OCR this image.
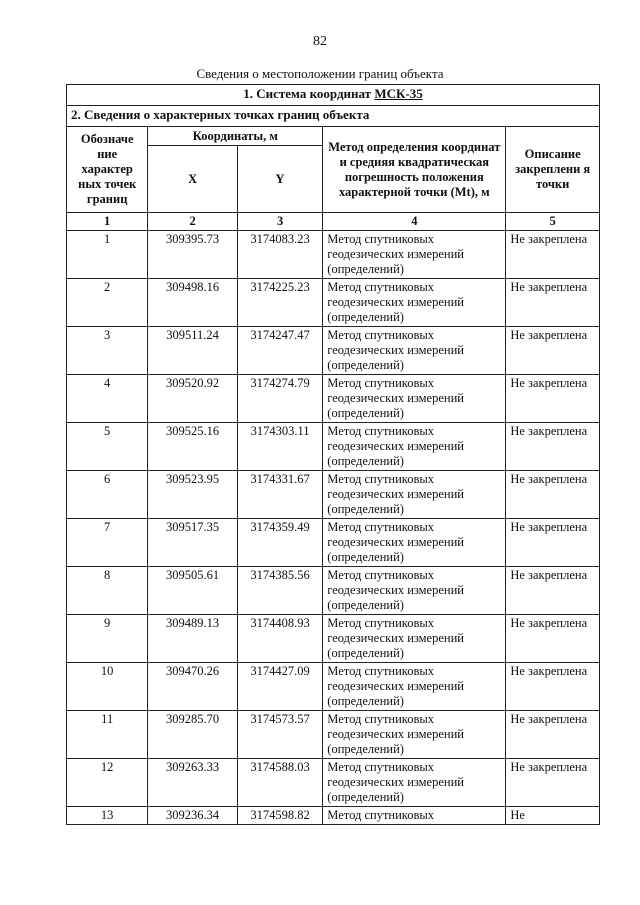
82
Сведения о местоположении границ объекта
1. Система координат МСК-35				
2. Сведения о характерных точках границ объекта				
Обозначе ние характер ных точек границ	Координаты, м		Метод определения координат и средняя квадратическая погрешность положения характерной точки (Mt), м	Описание закреплени я точки
	X	Y		
1	2	3	4	5
1	309395.73	3174083.23	Метод спутниковых геодезических измерений (определений)	Не закреплена
2	309498.16	3174225.23	Метод спутниковых геодезических измерений (определений)	Не закреплена
3	309511.24	3174247.47	Метод спутниковых геодезических измерений (определений)	Не закреплена
4	309520.92	3174274.79	Метод спутниковых геодезических измерений (определений)	Не закреплена
5	309525.16	3174303.11	Метод спутниковых геодезических измерений (определений)	Не закреплена
6	309523.95	3174331.67	Метод спутниковых геодезических измерений (определений)	Не закреплена
7	309517.35	3174359.49	Метод спутниковых геодезических измерений (определений)	Не закреплена
8	309505.61	3174385.56	Метод спутниковых геодезических измерений (определений)	Не закреплена
9	309489.13	3174408.93	Метод спутниковых геодезических измерений (определений)	Не закреплена
10	309470.26	3174427.09	Метод спутниковых геодезических измерений (определений)	Не закреплена
11	309285.70	3174573.57	Метод спутниковых геодезических измерений (определений)	Не закреплена
12	309263.33	3174588.03	Метод спутниковых геодезических измерений (определений)	Не закреплена
13	309236.34	3174598.82	Метод спутниковых	Не
